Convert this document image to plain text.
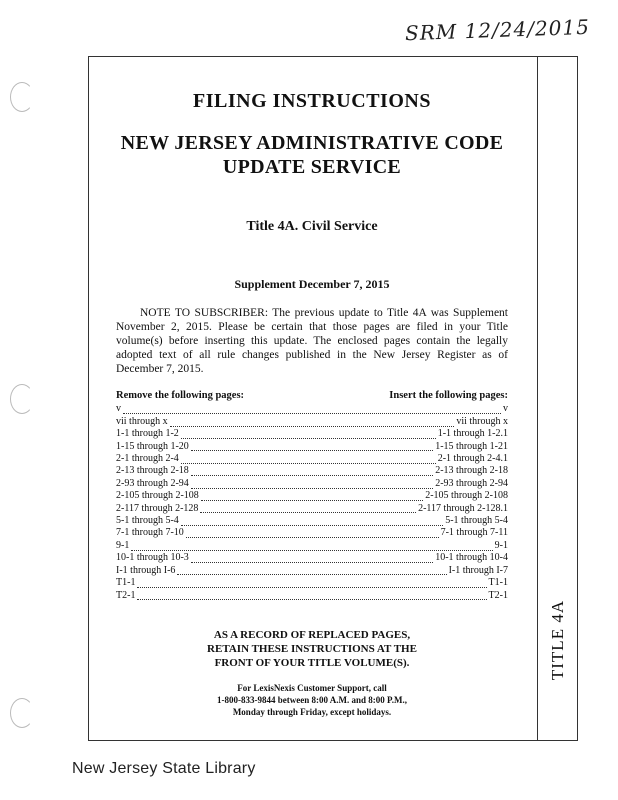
SRM 12/24/2015
TITLE 4A

FILING INSTRUCTIONS

NEW JERSEY ADMINISTRATIVE CODE
UPDATE SERVICE

Title 4A. Civil Service

Supplement December 7, 2015

NOTE TO SUBSCRIBER: The previous update to Title 4A was Supplement November 2, 2015. Please be certain that those pages are filed in your Title volume(s) before inserting this update. The enclosed pages contain the legally adopted text of all rule changes published in the New Jersey Register as of December 7, 2015.

Remove the following pages:	Insert the following pages:
v	v
vii through x	vii through x
1-1 through 1-2	1-1 through 1-2.1
1-15 through 1-20	1-15 through 1-21
2-1 through 2-4	2-1 through 2-4.1
2-13 through 2-18	2-13 through 2-18
2-93 through 2-94	2-93 through 2-94
2-105 through 2-108	2-105 through 2-108
2-117 through 2-128	2-117 through 2-128.1
5-1 through 5-4	5-1 through 5-4
7-1 through 7-10	7-1 through 7-11
9-1	9-1
10-1 through 10-3	10-1 through 10-4
I-1 through I-6	I-1 through I-7
T1-1	T1-1
T2-1	T2-1
AS A RECORD OF REPLACED PAGES,
RETAIN THESE INSTRUCTIONS AT THE
FRONT OF YOUR TITLE VOLUME(S).
For LexisNexis Customer Support, call
1-800-833-9844 between 8:00 A.M. and 8:00 P.M.,
Monday through Friday, except holidays.
New Jersey State Library
